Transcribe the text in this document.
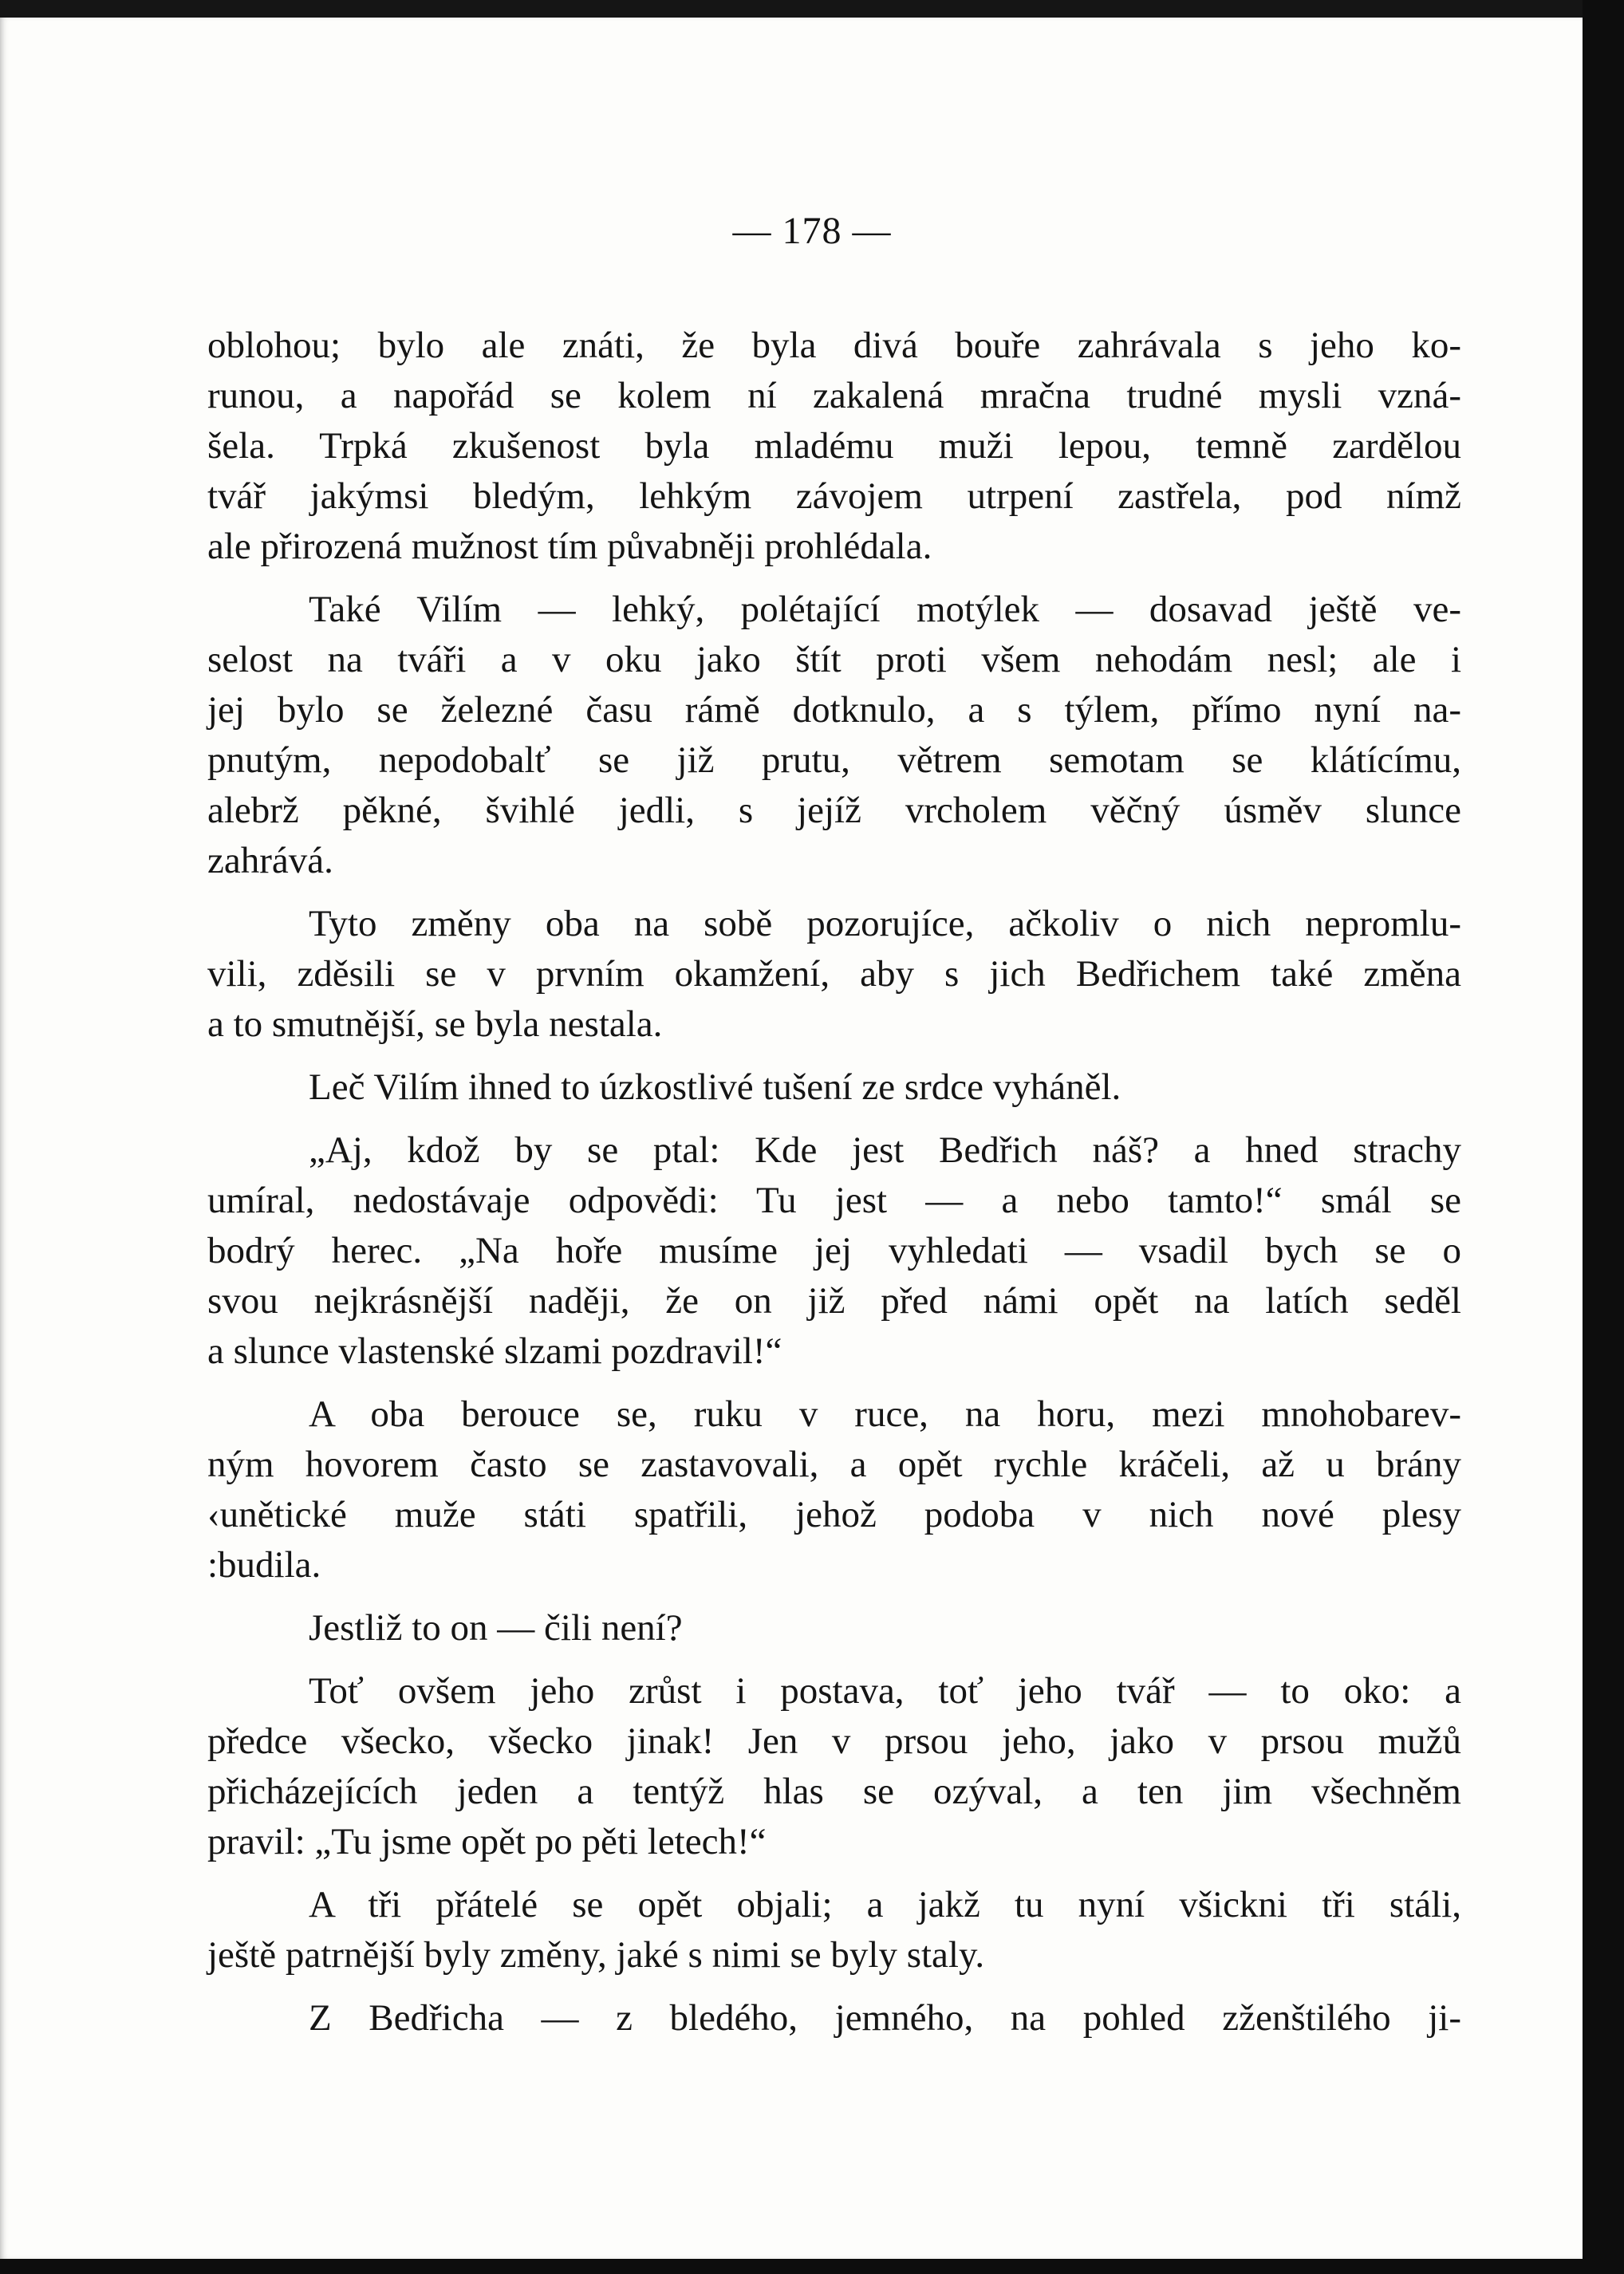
— 178 —
oblohou; bylo ale znáti, že byla divá bouře zahrávala s jeho ko-
runou, a napořád se kolem ní zakalená mračna trudné mysli vzná-
šela. Trpká zkušenost byla mladému muži lepou, temně zardělou
tvář jakýmsi bledým, lehkým závojem utrpení zastřela, pod nímž
ale přirozená mužnost tím půvabněji prohlédala.
Také Vilím — lehký, polétající motýlek — dosavad ještě ve-
selost na tváři a v oku jako štít proti všem nehodám nesl; ale i
jej bylo se železné času rámě dotknulo, a s týlem, přímo nyní na-
pnutým, nepodobalť se již prutu, větrem semotam se klátícímu,
alebrž pěkné, švihlé jedli, s jejíž vrcholem věčný úsměv slunce
zahrává.
Tyto změny oba na sobě pozorujíce, ačkoliv o nich nepromlu-
vili, zděsili se v prvním okamžení, aby s jich Bedřichem také změna
a to smutnější, se byla nestala.
Leč Vilím ihned to úzkostlivé tušení ze srdce vyháněl.
„Aj, kdož by se ptal: Kde jest Bedřich náš? a hned strachy
umíral, nedostávaje odpovědi: Tu jest — a nebo tamto!“ smál se
bodrý herec. „Na hoře musíme jej vyhledati — vsadil bych se o
svou nejkrásnější naději, že on již před námi opět na latích seděl
a slunce vlastenské slzami pozdravil!“
A oba berouce se, ruku v ruce, na horu, mezi mnohobarev-
ným hovorem často se zastavovali, a opět rychle kráčeli, až u brány
‹unětické muže státi spatřili, jehož podoba v nich nové plesy
:budila.
Jestliž to on — čili není?
Toť ovšem jeho zrůst i postava, toť jeho tvář — to oko: a
předce všecko, všecko jinak! Jen v prsou jeho, jako v prsou mužů
přicházejících jeden a tentýž hlas se ozýval, a ten jim všechněm
pravil: „Tu jsme opět po pěti letech!“
A tři přátelé se opět objali; a jakž tu nyní všickni tři stáli,
ještě patrnější byly změny, jaké s nimi se byly staly.
Z Bedřicha — z bledého, jemného, na pohled zženštilého ji-
